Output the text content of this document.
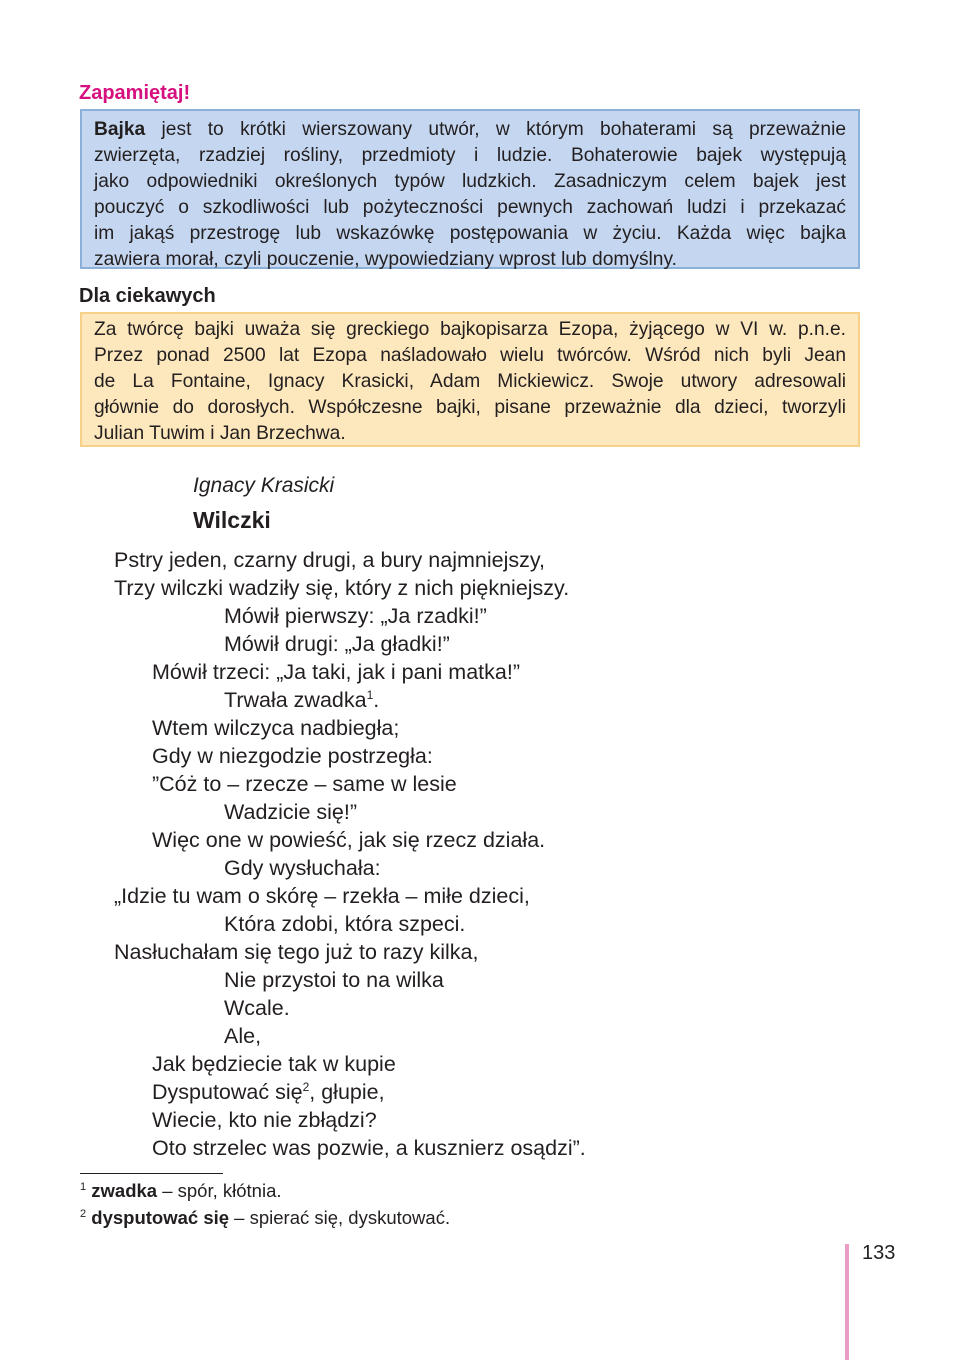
Zapamiętaj!
Bajka jest to krótki wierszowany utwór, w którym bohaterami są przeważnie
zwierzęta, rzadziej rośliny, przedmioty i ludzie. Bohaterowie bajek występują
jako odpowiedniki określonych typów ludzkich. Zasadniczym celem bajek jest
pouczyć o szkodliwości lub pożyteczności pewnych zachowań ludzi i przekazać
im jakąś przestrogę lub wskazówkę postępowania w życiu. Każda więc bajka
zawiera morał, czyli pouczenie, wypowiedziany wprost lub domyślny.
Dla ciekawych
Za twórcę bajki uważa się greckiego bajkopisarza Ezopa, żyjącego w VI w. p.n.e.
Przez ponad 2500 lat Ezopa naśladowało wielu twórców. Wśród nich byli Jean
de La Fontaine, Ignacy Krasicki, Adam Mickiewicz. Swoje utwory adresowali
głównie do dorosłych. Współczesne bajki, pisane przeważnie dla dzieci, tworzyli
Julian Tuwim i Jan Brzechwa.
Ignacy Krasicki
Wilczki
Pstry jeden, czarny drugi, a bury najmniejszy,
Trzy wilczki wadziły się, który z nich piękniejszy.
Mówił pierwszy: „Ja rzadki!”
Mówił drugi: „Ja gładki!”
Mówił trzeci: „Ja taki, jak i pani matka!”
Trwała zwadka$^1$.
Wtem wilczyca nadbiegła;
Gdy w niezgodzie postrzegła:
”Cóż to – rzecze – same w lesie
Wadzicie się!”
Więc one w powieść, jak się rzecz działa.
Gdy wysłuchała:
„Idzie tu wam o skórę – rzekła – miłe dzieci,
Która zdobi, która szpeci.
Nasłuchałam się tego już to razy kilka,
Nie przystoi to na wilka
Wcale.
Ale,
Jak będziecie tak w kupie
Dysputować się$^2$, głupie,
Wiecie, kto nie zbłądzi?
Oto strzelec was pozwie, a kusznierz osądzi”.
$^1$ zwadka – spór, kłótnia.
$^2$ dysputować się – spierać się, dyskutować.
133
